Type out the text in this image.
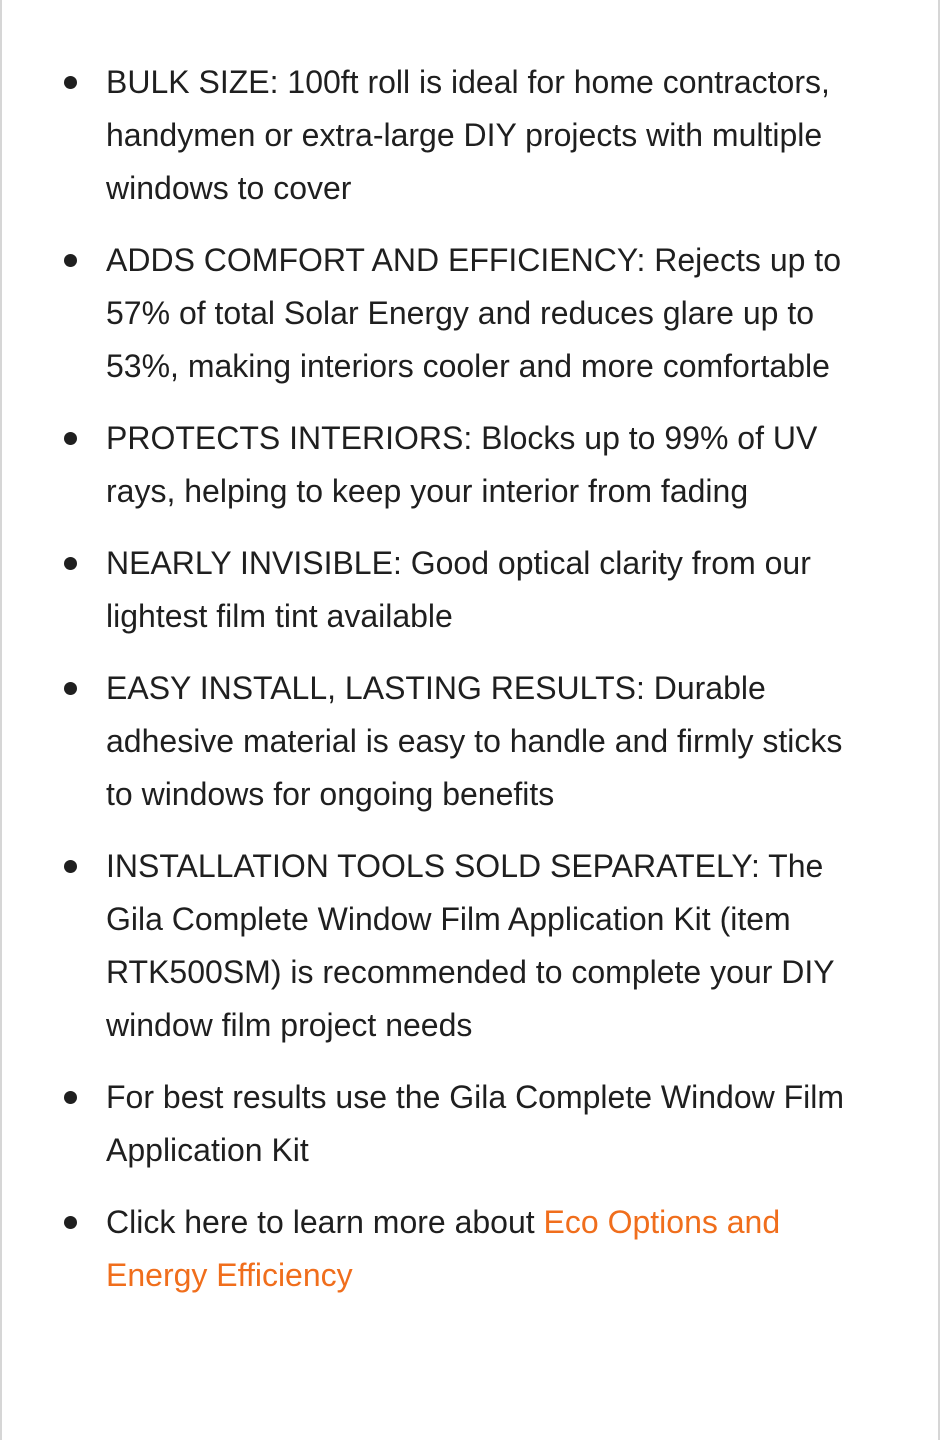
BULK SIZE: 100ft roll is ideal for home contractors, handymen or extra-large DIY projects with multiple windows to cover
ADDS COMFORT AND EFFICIENCY: Rejects up to 57% of total Solar Energy and reduces glare up to 53%, making interiors cooler and more comfortable
PROTECTS INTERIORS: Blocks up to 99% of UV rays, helping to keep your interior from fading
NEARLY INVISIBLE: Good optical clarity from our lightest film tint available
EASY INSTALL, LASTING RESULTS: Durable adhesive material is easy to handle and firmly sticks to windows for ongoing benefits
INSTALLATION TOOLS SOLD SEPARATELY: The Gila Complete Window Film Application Kit (item RTK500SM) is recommended to complete your DIY window film project needs
For best results use the Gila Complete Window Film Application Kit
Click here to learn more about Eco Options and Energy Efficiency
